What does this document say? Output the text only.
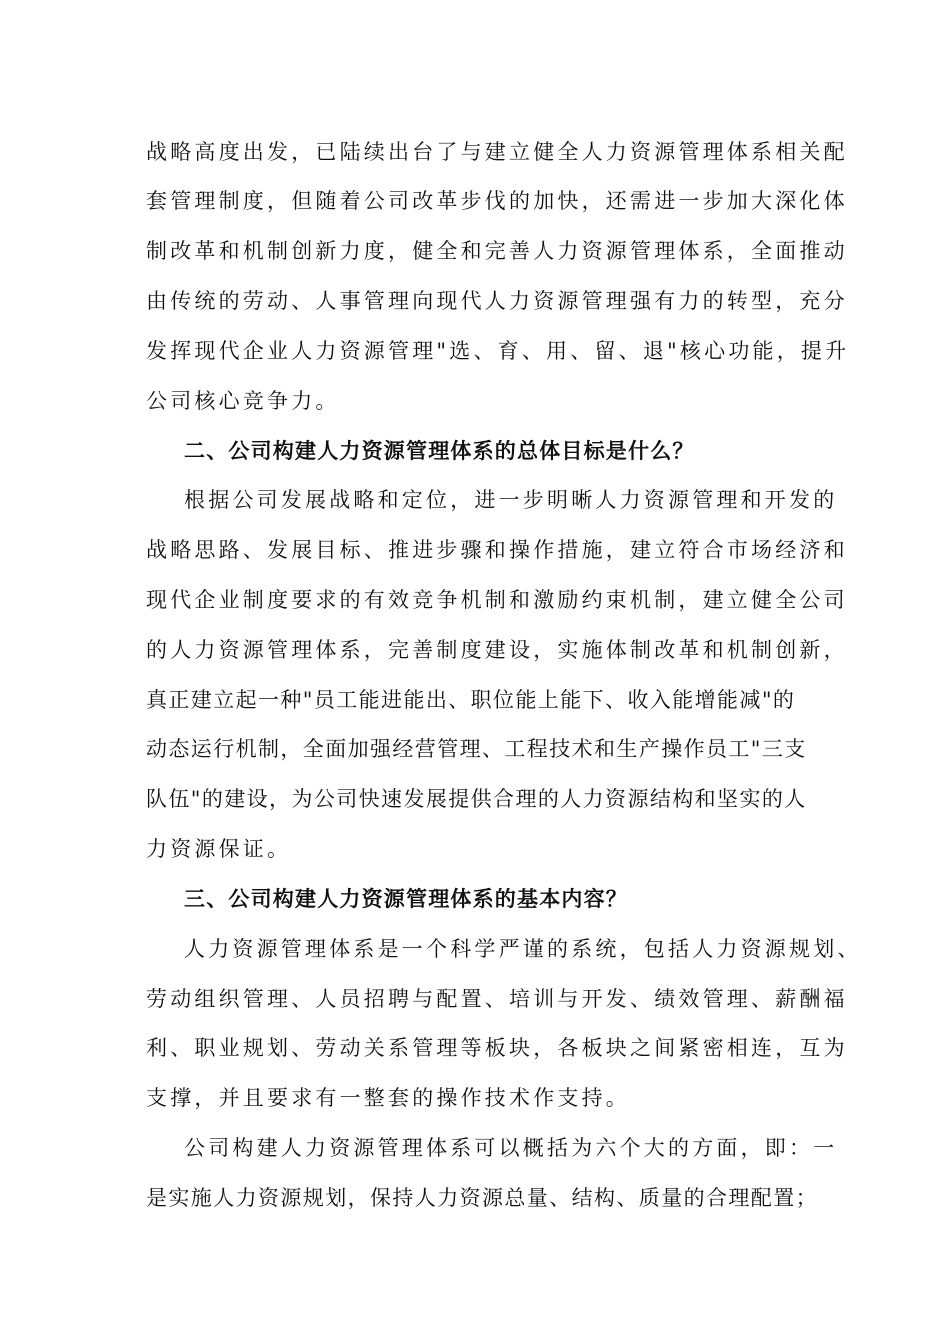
战略高度出发，已陆续出台了与建立健全人力资源管理体系相关配
套管理制度，但随着公司改革步伐的加快，还需进一步加大深化体
制改革和机制创新力度，健全和完善人力资源管理体系，全面推动
由传统的劳动、人事管理向现代人力资源管理强有力的转型，充分
发挥现代企业人力资源管理"选、育、用、留、退"核心功能，提升
公司核心竞争力。
二、公司构建人力资源管理体系的总体目标是什么？
根据公司发展战略和定位，进一步明晰人力资源管理和开发的
战略思路、发展目标、推进步骤和操作措施，建立符合市场经济和
现代企业制度要求的有效竞争机制和激励约束机制，建立健全公司
的人力资源管理体系，完善制度建设，实施体制改革和机制创新，
真正建立起一种"员工能进能出、职位能上能下、收入能增能减"的
动态运行机制，全面加强经营管理、工程技术和生产操作员工"三支
队伍"的建设，为公司快速发展提供合理的人力资源结构和坚实的人
力资源保证。
三、公司构建人力资源管理体系的基本内容？
人力资源管理体系是一个科学严谨的系统，包括人力资源规划、
劳动组织管理、人员招聘与配置、培训与开发、绩效管理、薪酬福
利、职业规划、劳动关系管理等板块，各板块之间紧密相连，互为
支撑，并且要求有一整套的操作技术作支持。
公司构建人力资源管理体系可以概括为六个大的方面，即：一
是实施人力资源规划，保持人力资源总量、结构、质量的合理配置；
